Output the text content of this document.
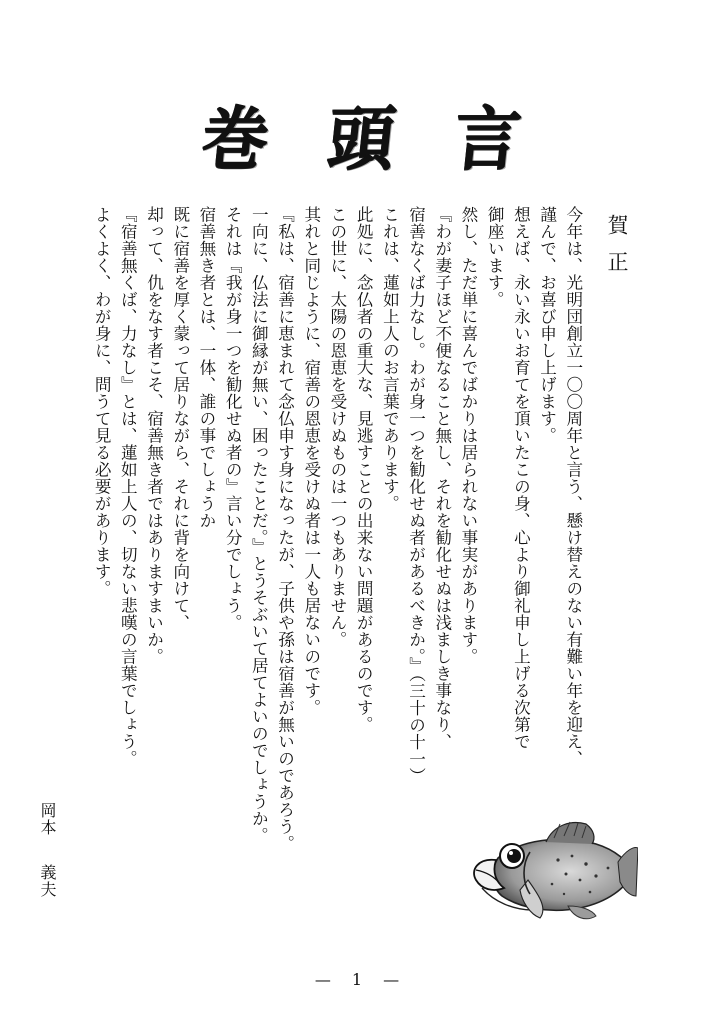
巻 頭 言
賀正
今年は、光明団創立一〇〇周年と言う、懸け替えのない有難い年を迎え、
謹んで、お喜び申し上げます。
想えば、永い永いお育てを頂いたこの身、心より御礼申し上げる次第で
御座います。
然し、ただ単に喜んでばかりは居られない事実があります。
『わが妻子ほど不便なること無し、それを勧化せぬは浅ましき事なり、
宿善なくば力なし。わが身一つを勧化せぬ者があるべきか。』（三十の十一）
これは、蓮如上人のお言葉であります。
此処に、念仏者の重大な、見逃すことの出来ない問題があるのです。
この世に、太陽の恩恵を受けぬものは一つもありません。
其れと同じように、宿善の恩恵を受けぬ者は一人も居ないのです。
『私は、宿善に恵まれて念仏申す身になったが、子供や孫は宿善が無いのであろう。
一向に、仏法に御縁が無い、困ったことだ。』とうそぶいて居てよいのでしょうか。
それは『我が身一つを勧化せぬ者の』言い分でしょう。
宿善無き者とは、一体、誰の事でしょうか
既に宿善を厚く蒙って居りながら、それに背を向けて、
却って、仇をなす者こそ、宿善無き者ではありますまいか。
『宿善無くば、力なし』とは、蓮如上人の、切ない悲嘆の言葉でしょう。
よくよく、わが身に、問うて見る必要があります。
岡本義夫
— 1 —
